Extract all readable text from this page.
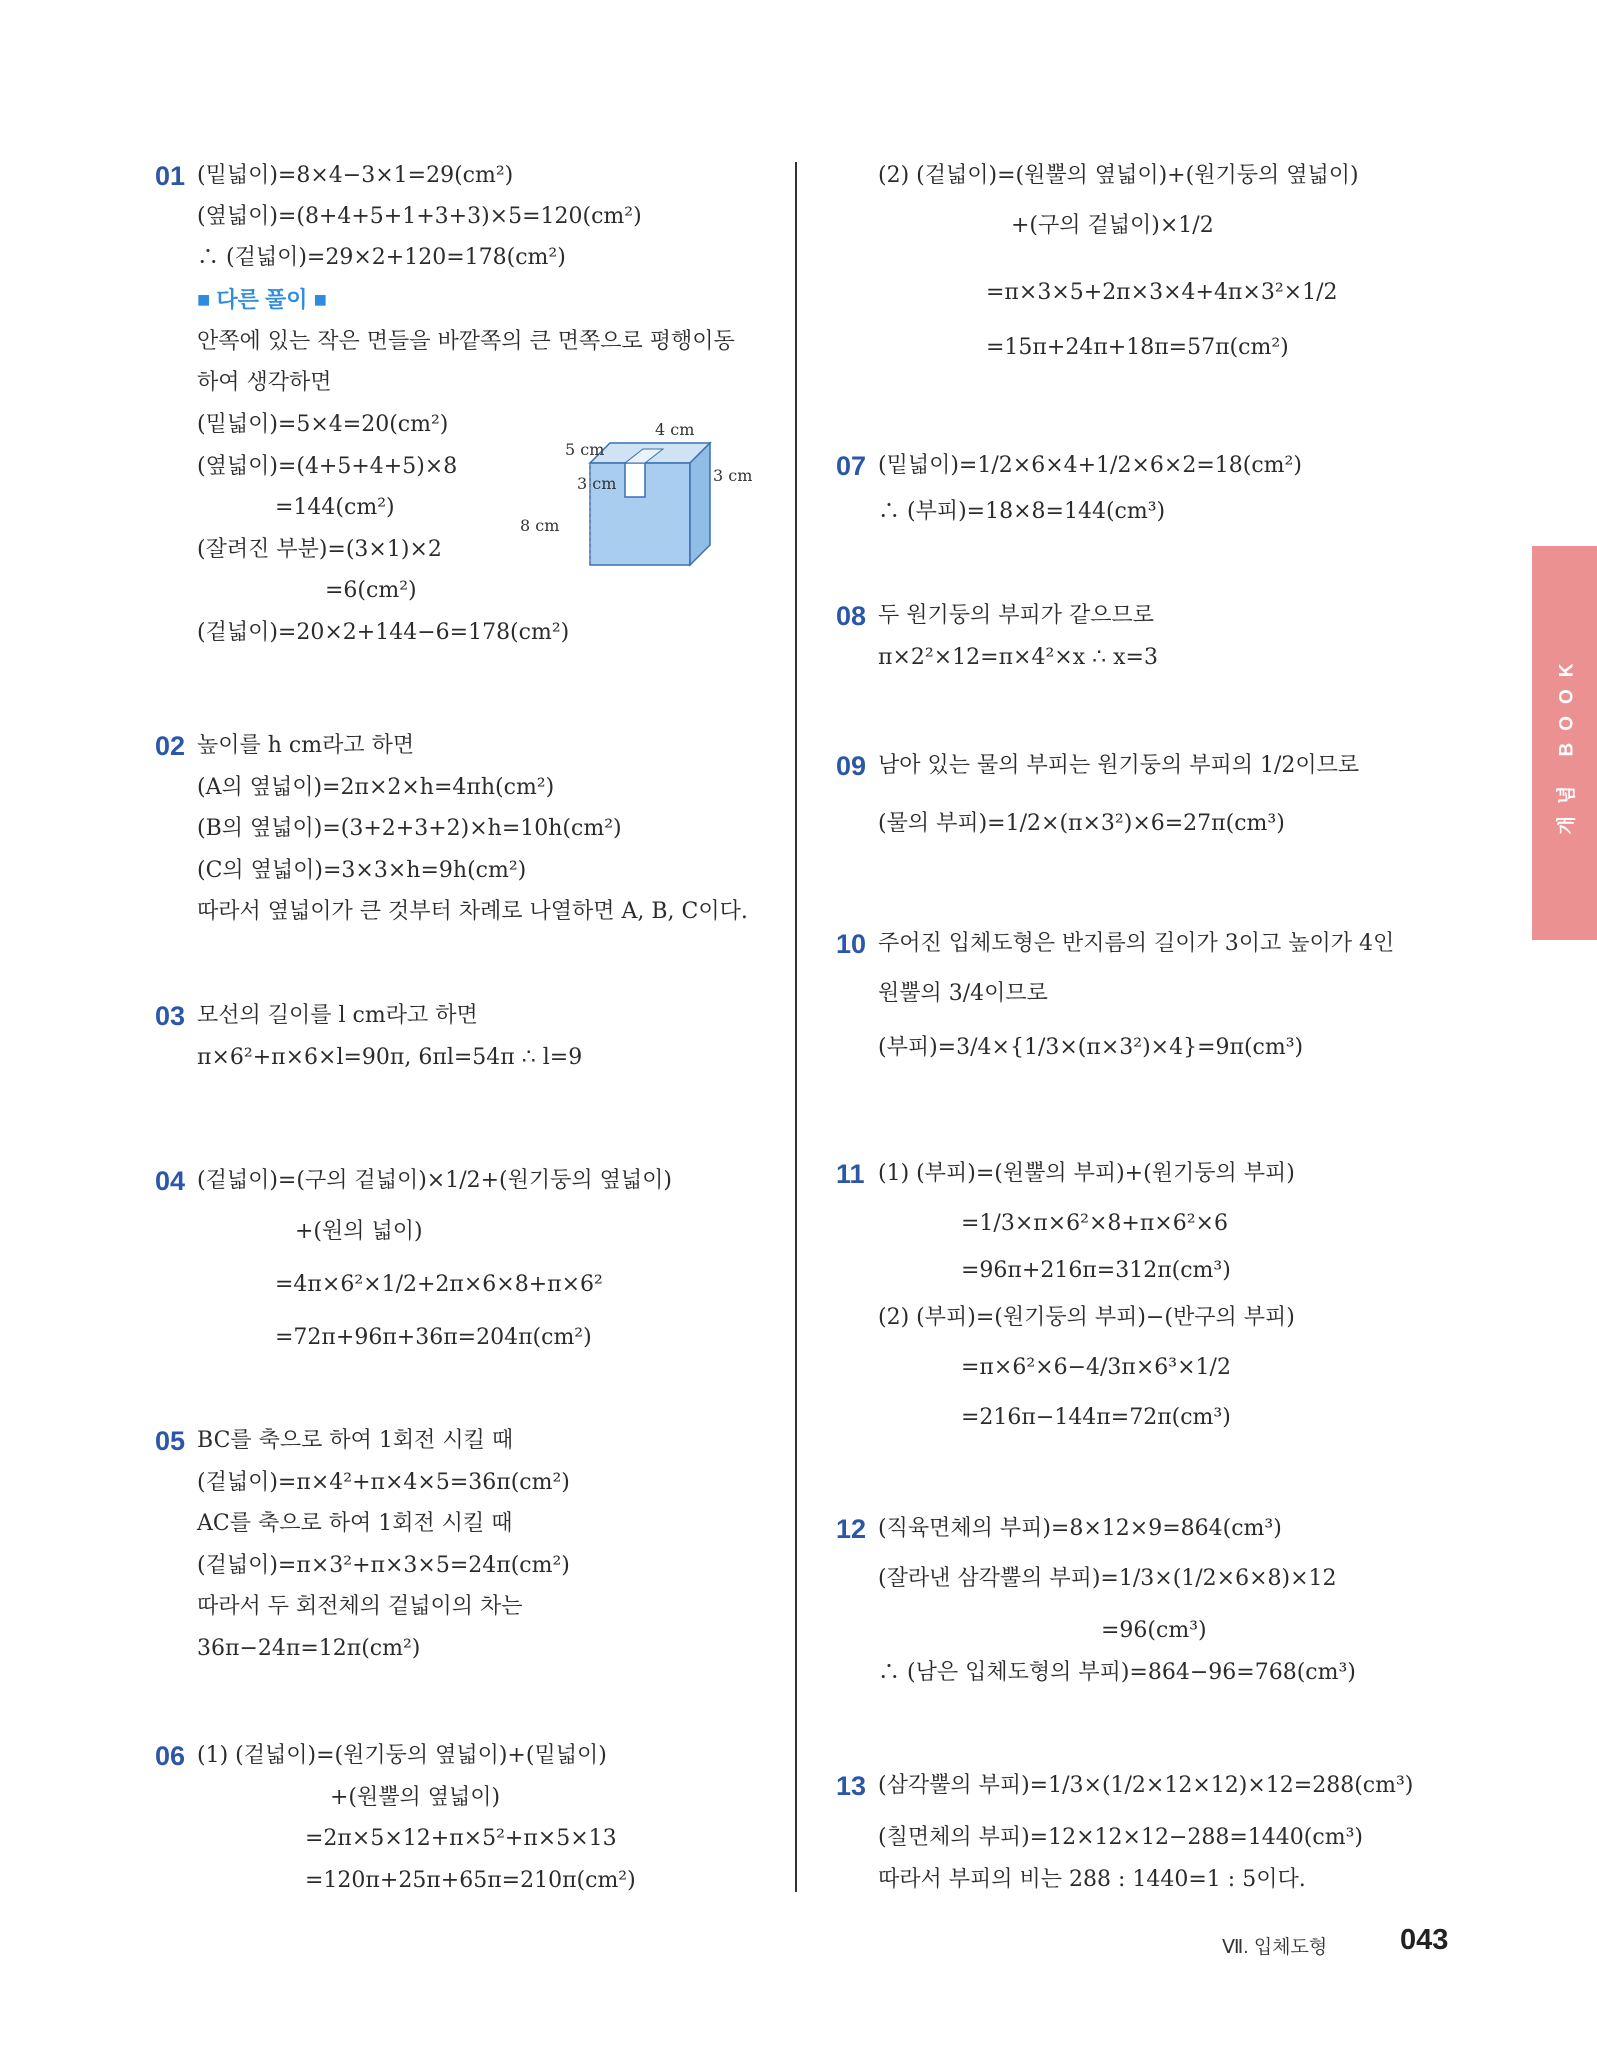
01 (밑넓이)=8×4−3×1=29(cm²)
(옆넓이)=(8+4+5+1+3+3)×5=120(cm²)
∴ (겉넓이)=29×2+120=178(cm²)
■ 다른 풀이 ■
안쪽에 있는 작은 면들을 바깥쪽의 큰 면쪽으로 평행이동
하여 생각하면
(밑넓이)=5×4=20(cm²)
(옆넓이)=(4+5+4+5)×8
=144(cm²)
(잘려진 부분)=(3×1)×2
=6(cm²)
(겉넓이)=20×2+144−6=178(cm²)
4 cm
5 cm
3 cm
3 cm
8 cm
02 높이를 h cm라고 하면
(A의 옆넓이)=2π×2×h=4πh(cm²)
(B의 옆넓이)=(3+2+3+2)×h=10h(cm²)
(C의 옆넓이)=3×3×h=9h(cm²)
따라서 옆넓이가 큰 것부터 차례로 나열하면 A, B, C이다.
03 모선의 길이를 l cm라고 하면
π×6²+π×6×l=90π, 6πl=54π ∴ l=9
04 (겉넓이)=(구의 겉넓이)×1/2+(원기둥의 옆넓이)
+(원의 넓이)
=4π×6²×1/2+2π×6×8+π×6²
=72π+96π+36π=204π(cm²)
05 BC를 축으로 하여 1회전 시킬 때
(겉넓이)=π×4²+π×4×5=36π(cm²)
AC를 축으로 하여 1회전 시킬 때
(겉넓이)=π×3²+π×3×5=24π(cm²)
따라서 두 회전체의 겉넓이의 차는
36π−24π=12π(cm²)
06 (1) (겉넓이)=(원기둥의 옆넓이)+(밑넓이)
+(원뿔의 옆넓이)
=2π×5×12+π×5²+π×5×13
=120π+25π+65π=210π(cm²)
(2) (겉넓이)=(원뿔의 옆넓이)+(원기둥의 옆넓이)
+(구의 겉넓이)×1/2
=π×3×5+2π×3×4+4π×3²×1/2
=15π+24π+18π=57π(cm²)
07 (밑넓이)=1/2×6×4+1/2×6×2=18(cm²)
∴ (부피)=18×8=144(cm³)
08 두 원기둥의 부피가 같으므로
π×2²×12=π×4²×x ∴ x=3
09 남아 있는 물의 부피는 원기둥의 부피의 1/2이므로
(물의 부피)=1/2×(π×3²)×6=27π(cm³)
10 주어진 입체도형은 반지름의 길이가 3이고 높이가 4인
원뿔의 3/4이므로
(부피)=3/4×{1/3×(π×3²)×4}=9π(cm³)
11 (1) (부피)=(원뿔의 부피)+(원기둥의 부피)
=1/3×π×6²×8+π×6²×6
=96π+216π=312π(cm³)
(2) (부피)=(원기둥의 부피)−(반구의 부피)
=π×6²×6−4/3π×6³×1/2
=216π−144π=72π(cm³)
12 (직육면체의 부피)=8×12×9=864(cm³)
(잘라낸 삼각뿔의 부피)=1/3×(1/2×6×8)×12
=96(cm³)
∴ (남은 입체도형의 부피)=864−96=768(cm³)
13 (삼각뿔의 부피)=1/3×(1/2×12×12)×12=288(cm³)
(칠면체의 부피)=12×12×12−288=1440(cm³)
따라서 부피의 비는 288 : 1440=1 : 5이다.
개념 BOOK
Ⅶ. 입체도형	043
